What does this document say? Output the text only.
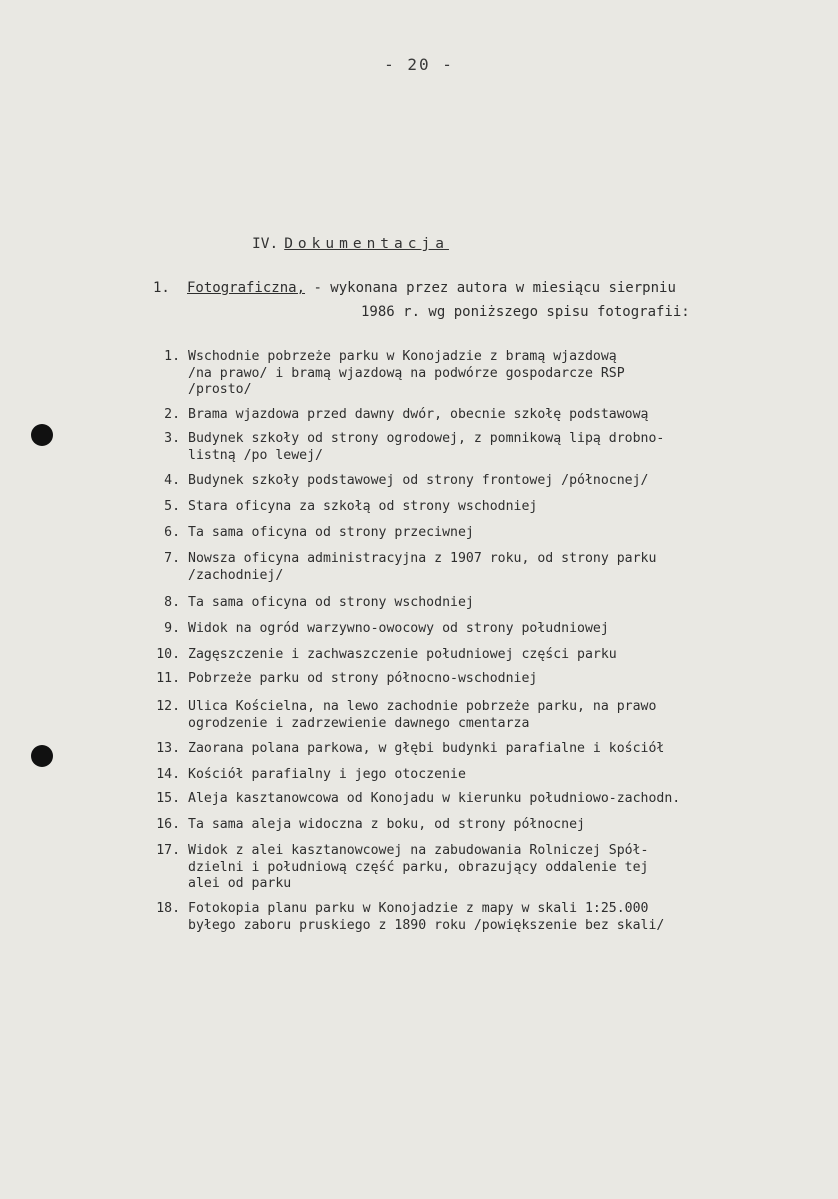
- 20 -
IV. Dokumentacja
1. Fotograficzna, - wykonana przez autora w miesiącu sierpniu
1986 r. wg poniższego spisu fotografii:
1. Wschodnie pobrzeże parku w Konojadzie z bramą wjazdową
/na prawo/ i bramą wjazdową na podwórze gospodarcze RSP
/prosto/
2. Brama wjazdowa przed dawny dwór, obecnie szkołę podstawową
3. Budynek szkoły od strony ogrodowej, z pomnikową lipą drobno-
listną /po lewej/
4. Budynek szkoły podstawowej od strony frontowej /północnej/
5. Stara oficyna za szkołą od strony wschodniej
6. Ta sama oficyna od strony przeciwnej
7. Nowsza oficyna administracyjna z 1907 roku, od strony parku
/zachodniej/
8. Ta sama oficyna od strony wschodniej
9. Widok na ogród warzywno-owocowy od strony południowej
10. Zagęszczenie i zachwaszczenie południowej części parku
11. Pobrzeże parku od strony północno-wschodniej
12. Ulica Kościelna, na lewo zachodnie pobrzeże parku, na prawo
ogrodzenie i zadrzewienie dawnego cmentarza
13. Zaorana polana parkowa, w głębi budynki parafialne i kościół
14. Kościół parafialny i jego otoczenie
15. Aleja kasztanowcowa od Konojadu w kierunku południowo-zachodn.
16. Ta sama aleja widoczna z boku, od strony północnej
17. Widok z alei kasztanowcowej na zabudowania Rolniczej Spół-
dzielni i południową część parku, obrazujący oddalenie tej
alei od parku
18. Fotokopia planu parku w Konojadzie z mapy w skali 1:25.000
byłego zaboru pruskiego z 1890 roku /powiększenie bez skali/
